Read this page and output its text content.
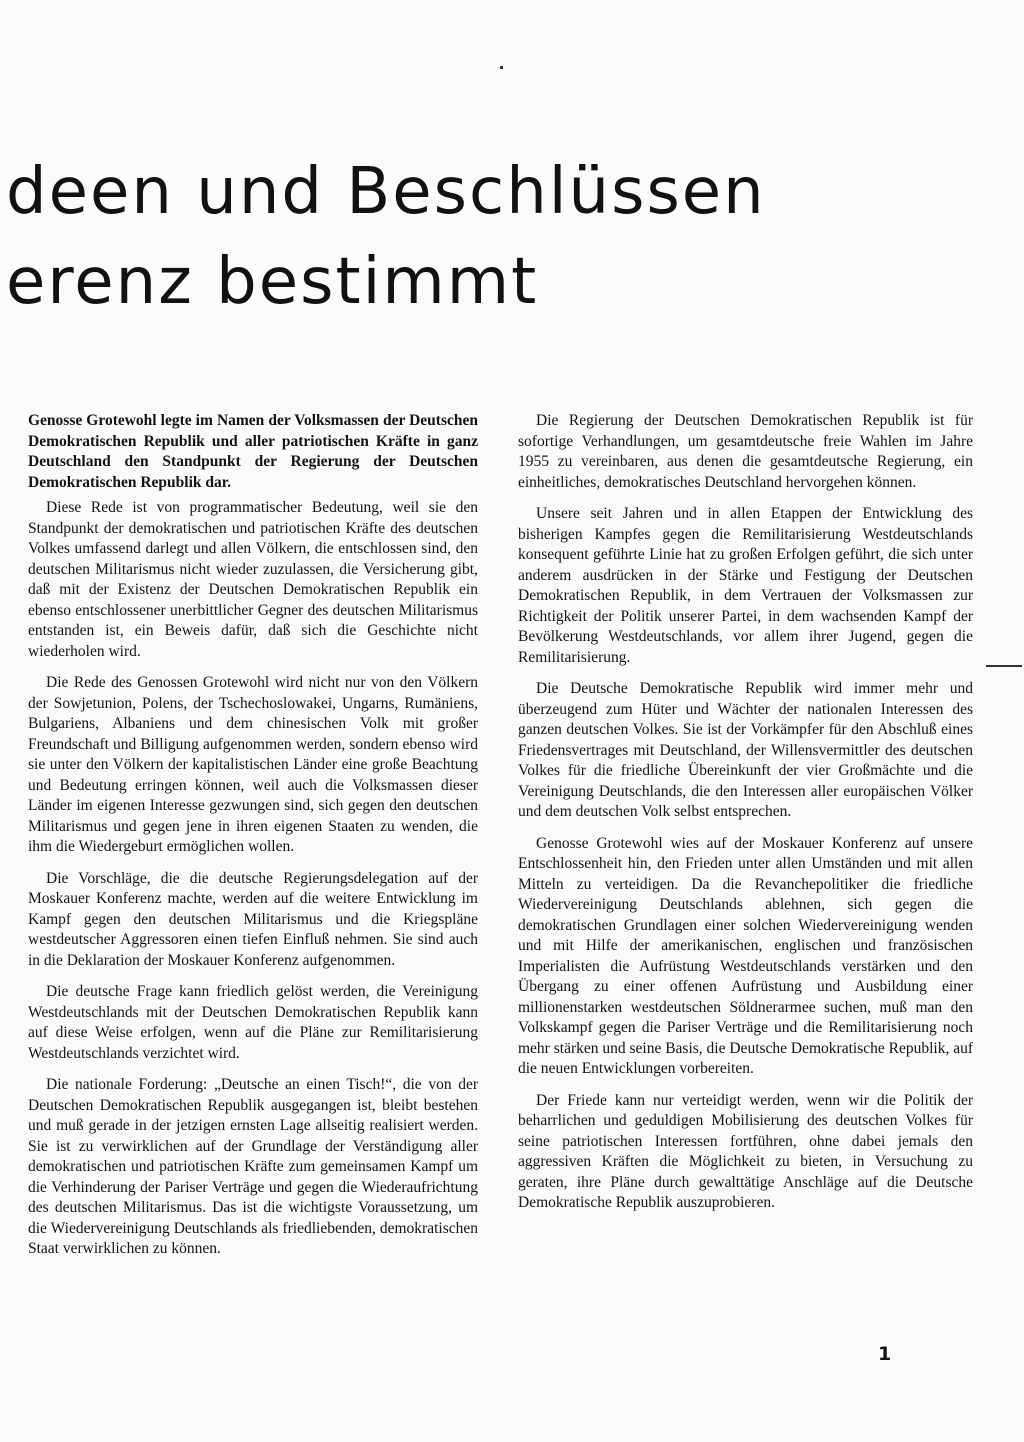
deen und Beschlüssen
erenz bestimmt

Genosse Grotewohl legte im Namen der Volksmassen der Deutschen Demokratischen Republik und aller patriotischen Kräfte in ganz Deutschland den Standpunkt der Regierung der Deutschen Demokratischen Republik dar.

Diese Rede ist von programmatischer Bedeutung, weil sie den Standpunkt der demokratischen und patriotischen Kräfte des deutschen Volkes umfassend darlegt und allen Völkern, die entschlossen sind, den deutschen Militarismus nicht wieder zuzulassen, die Versicherung gibt, daß mit der Existenz der Deutschen Demokratischen Republik ein ebenso entschlossener unerbittlicher Gegner des deutschen Militarismus entstanden ist, ein Beweis dafür, daß sich die Geschichte nicht wiederholen wird.

Die Rede des Genossen Grotewohl wird nicht nur von den Völkern der Sowjetunion, Polens, der Tschechoslowakei, Ungarns, Rumäniens, Bulgariens, Albaniens und dem chinesischen Volk mit großer Freundschaft und Billigung aufgenommen werden, sondern ebenso wird sie unter den Völkern der kapitalistischen Länder eine große Beachtung und Bedeutung erringen können, weil auch die Volksmassen dieser Länder im eigenen Interesse gezwungen sind, sich gegen den deutschen Militarismus und gegen jene in ihren eigenen Staaten zu wenden, die ihm die Wiedergeburt ermöglichen wollen.

Die Vorschläge, die die deutsche Regierungsdelegation auf der Moskauer Konferenz machte, werden auf die weitere Entwicklung im Kampf gegen den deutschen Militarismus und die Kriegspläne westdeutscher Aggressoren einen tiefen Einfluß nehmen. Sie sind auch in die Deklaration der Moskauer Konferenz aufgenommen.

Die deutsche Frage kann friedlich gelöst werden, die Vereinigung Westdeutschlands mit der Deutschen Demokratischen Republik kann auf diese Weise erfolgen, wenn auf die Pläne zur Remilitarisierung Westdeutschlands verzichtet wird.

Die nationale Forderung: „Deutsche an einen Tisch!“, die von der Deutschen Demokratischen Republik ausgegangen ist, bleibt bestehen und muß gerade in der jetzigen ernsten Lage allseitig realisiert werden. Sie ist zu verwirklichen auf der Grundlage der Verständigung aller demokratischen und patriotischen Kräfte zum gemeinsamen Kampf um die Verhinderung der Pariser Verträge und gegen die Wiederaufrichtung des deutschen Militarismus. Das ist die wichtigste Voraussetzung, um die Wiedervereinigung Deutschlands als friedliebenden, demokratischen Staat verwirklichen zu können.

Die Regierung der Deutschen Demokratischen Republik ist für sofortige Verhandlungen, um gesamtdeutsche freie Wahlen im Jahre 1955 zu vereinbaren, aus denen die gesamtdeutsche Regierung, ein einheitliches, demokratisches Deutschland hervorgehen können.

Unsere seit Jahren und in allen Etappen der Entwicklung des bisherigen Kampfes gegen die Remilitarisierung Westdeutschlands konsequent geführte Linie hat zu großen Erfolgen geführt, die sich unter anderem ausdrücken in der Stärke und Festigung der Deutschen Demokratischen Republik, in dem Vertrauen der Volksmassen zur Richtigkeit der Politik unserer Partei, in dem wachsenden Kampf der Bevölkerung Westdeutschlands, vor allem ihrer Jugend, gegen die Remilitarisierung.

Die Deutsche Demokratische Republik wird immer mehr und überzeugend zum Hüter und Wächter der nationalen Interessen des ganzen deutschen Volkes. Sie ist der Vorkämpfer für den Abschluß eines Friedensvertrages mit Deutschland, der Willensvermittler des deutschen Volkes für die friedliche Übereinkunft der vier Großmächte und die Vereinigung Deutschlands, die den Interessen aller europäischen Völker und dem deutschen Volk selbst entsprechen.

Genosse Grotewohl wies auf der Moskauer Konferenz auf unsere Entschlossenheit hin, den Frieden unter allen Umständen und mit allen Mitteln zu verteidigen. Da die Revanchepolitiker die friedliche Wiedervereinigung Deutschlands ablehnen, sich gegen die demokratischen Grundlagen einer solchen Wiedervereinigung wenden und mit Hilfe der amerikanischen, englischen und französischen Imperialisten die Aufrüstung Westdeutschlands verstärken und den Übergang zu einer offenen Aufrüstung und Ausbildung einer millionenstarken westdeutschen Söldnerarmee suchen, muß man den Volkskampf gegen die Pariser Verträge und die Remilitarisierung noch mehr stärken und seine Basis, die Deutsche Demokratische Republik, auf die neuen Entwicklungen vorbereiten.

Der Friede kann nur verteidigt werden, wenn wir die Politik der beharrlichen und geduldigen Mobilisierung des deutschen Volkes für seine patriotischen Interessen fortführen, ohne dabei jemals den aggressiven Kräften die Möglichkeit zu bieten, in Versuchung zu geraten, ihre Pläne durch gewalttätige Anschläge auf die Deutsche Demokratische Republik auszuprobieren.

1
